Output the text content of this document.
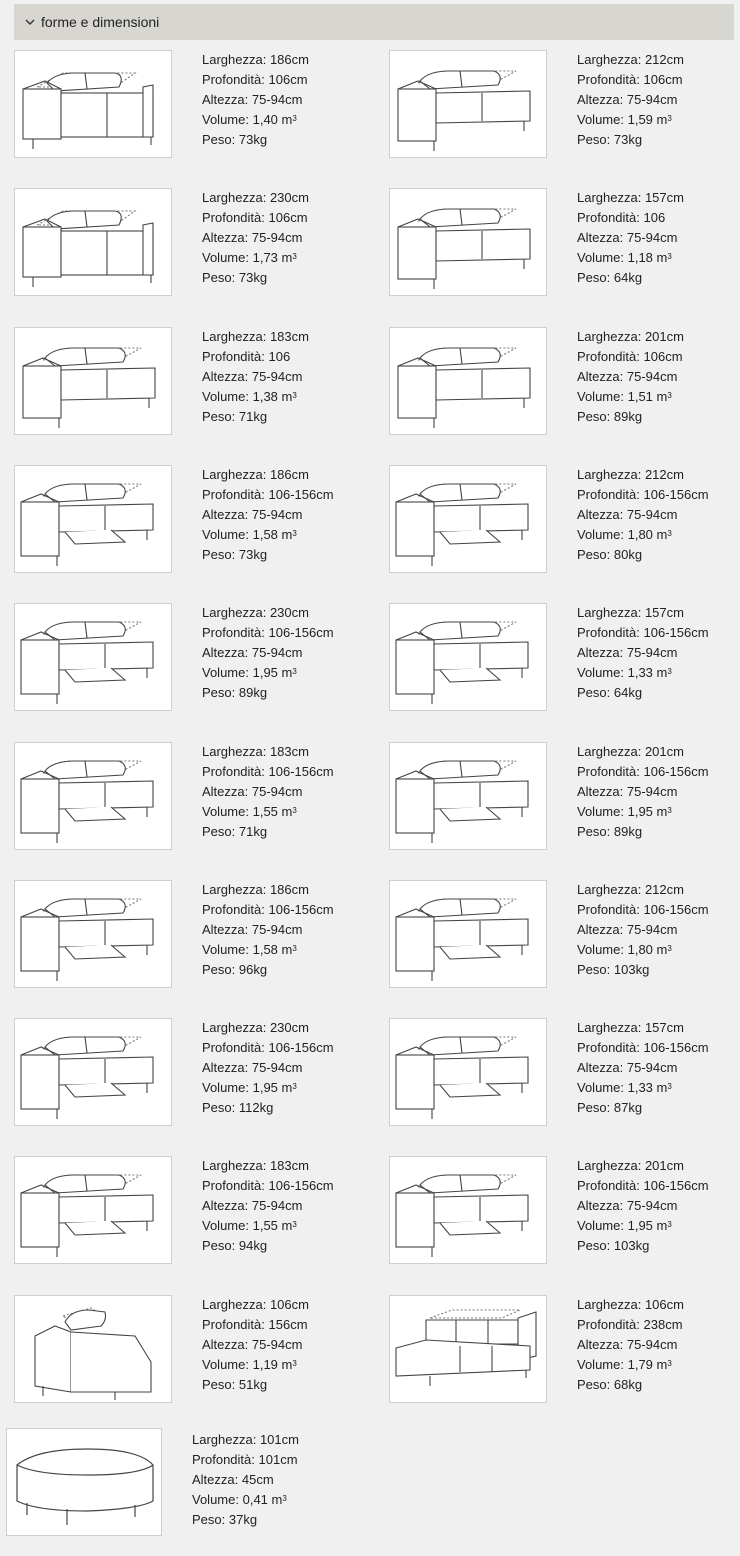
forme e dimensioni
Larghezza: 186cm
Profondità: 106cm
Altezza: 75-94cm
Volume: 1,40 $m^3$
Peso: 73kg
Larghezza: 212cm
Profondità: 106cm
Altezza: 75-94cm
Volume: 1,59 $m^3$
Peso: 73kg
Larghezza: 230cm
Profondità: 106cm
Altezza: 75-94cm
Volume: 1,73 $m^3$
Peso: 73kg
Larghezza: 157cm
Profondità: 106
Altezza: 75-94cm
Volume: 1,18 $m^3$
Peso: 64kg
Larghezza: 183cm
Profondità: 106
Altezza: 75-94cm
Volume: 1,38 $m^3$
Peso: 71kg
Larghezza: 201cm
Profondità: 106cm
Altezza: 75-94cm
Volume: 1,51 $m^3$
Peso: 89kg
Larghezza: 186cm
Profondità: 106-156cm
Altezza: 75-94cm
Volume: 1,58 $m^3$
Peso: 73kg
Larghezza: 212cm
Profondità: 106-156cm
Altezza: 75-94cm
Volume: 1,80 $m^3$
Peso: 80kg
Larghezza: 230cm
Profondità: 106-156cm
Altezza: 75-94cm
Volume: 1,95 $m^3$
Peso: 89kg
Larghezza: 157cm
Profondità: 106-156cm
Altezza: 75-94cm
Volume: 1,33 $m^3$
Peso: 64kg
Larghezza: 183cm
Profondità: 106-156cm
Altezza: 75-94cm
Volume: 1,55 $m^3$
Peso: 71kg
Larghezza: 201cm
Profondità: 106-156cm
Altezza: 75-94cm
Volume: 1,95 $m^3$
Peso: 89kg
Larghezza: 186cm
Profondità: 106-156cm
Altezza: 75-94cm
Volume: 1,58 $m^3$
Peso: 96kg
Larghezza: 212cm
Profondità: 106-156cm
Altezza: 75-94cm
Volume: 1,80 $m^3$
Peso: 103kg
Larghezza: 230cm
Profondità: 106-156cm
Altezza: 75-94cm
Volume: 1,95 $m^3$
Peso: 112kg
Larghezza: 157cm
Profondità: 106-156cm
Altezza: 75-94cm
Volume: 1,33 $m^3$
Peso: 87kg
Larghezza: 183cm
Profondità: 106-156cm
Altezza: 75-94cm
Volume: 1,55 $m^3$
Peso: 94kg
Larghezza: 201cm
Profondità: 106-156cm
Altezza: 75-94cm
Volume: 1,95 $m^3$
Peso: 103kg
Larghezza: 106cm
Profondità: 156cm
Altezza: 75-94cm
Volume: 1,19 $m^3$
Peso: 51kg
Larghezza: 106cm
Profondità: 238cm
Altezza: 75-94cm
Volume: 1,79 $m^3$
Peso: 68kg
Larghezza: 101cm
Profondità: 101cm
Altezza: 45cm
Volume: 0,41 $m^3$
Peso: 37kg
